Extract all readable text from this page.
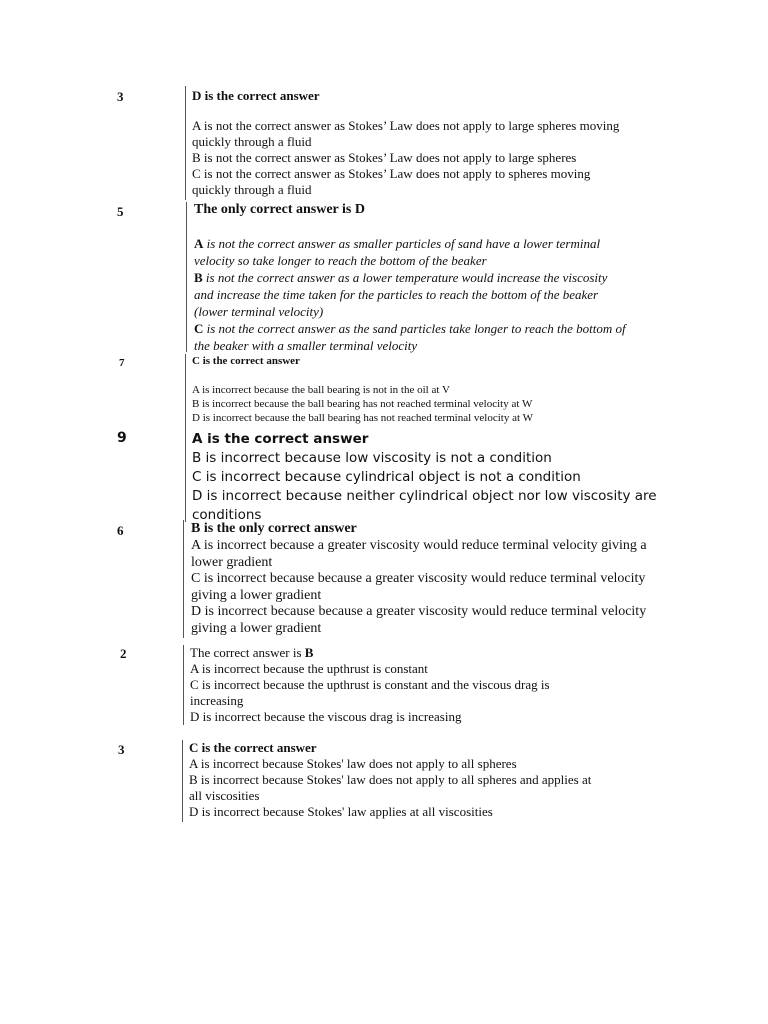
3	D is the correct answer
A is not the correct answer as Stokes’ Law does not apply to large spheres moving
quickly through a fluid
B is not the correct answer as Stokes’ Law does not apply to large spheres
C is not the correct answer as Stokes’ Law does not apply to spheres moving
quickly through a fluid
5	The only correct answer is D
A is not the correct answer as smaller particles of sand have a lower terminal
velocity so take longer to reach the bottom of the beaker
B is not the correct answer as a lower temperature would increase the viscosity
and increase the time taken for the particles to reach the bottom of the beaker
(lower terminal velocity)
C is not the correct answer as the sand particles take longer to reach the bottom of
the beaker with a smaller terminal velocity
7	C is the correct answer
A is incorrect because the ball bearing is not in the oil at V
B is incorrect because the ball bearing has not reached terminal velocity at W
D is incorrect because the ball bearing has not reached terminal velocity at W
9	A is the correct answer
B is incorrect because low viscosity is not a condition
C is incorrect because cylindrical object is not a condition
D is incorrect because neither cylindrical object nor low viscosity are
conditions
6	B is the only correct answer
A is incorrect because a greater viscosity would reduce terminal velocity giving a
lower gradient
C is incorrect because because a greater viscosity would reduce terminal velocity
giving a lower gradient
D is incorrect because because a greater viscosity would reduce terminal velocity
giving a lower gradient
2	The correct answer is B
A is incorrect because the upthrust is constant
C is incorrect because the upthrust is constant and the viscous drag is
increasing
D is incorrect because the viscous drag is increasing
3	C is the correct answer
A is incorrect because Stokes' law does not apply to all spheres
B is incorrect because Stokes' law does not apply to all spheres and applies at
all viscosities
D is incorrect because Stokes' law applies at all viscosities
